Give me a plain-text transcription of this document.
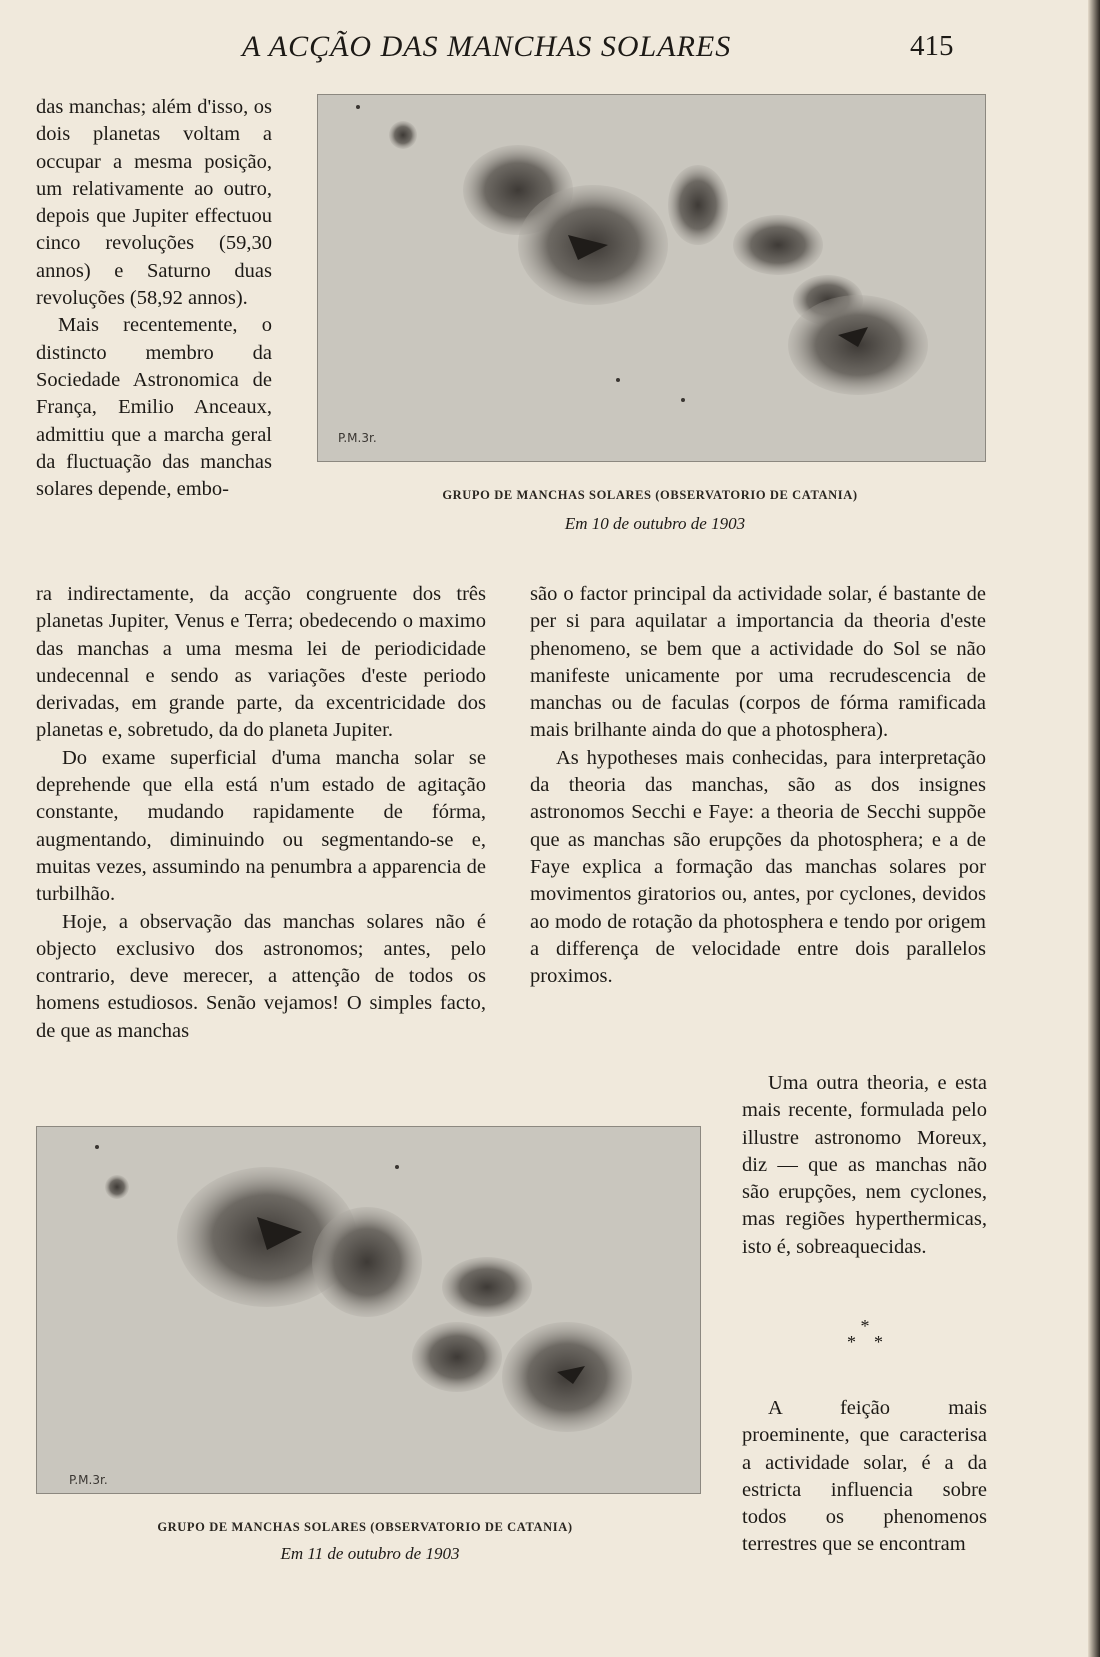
A ACÇÃO DAS MANCHAS SOLARES	415

das manchas; além d'isso, os dois planetas voltam a occupar a mesma posição, um relativamente ao outro, depois que Jupiter effectuou cinco revoluções (59,30 annos) e Saturno duas revoluções (58,92 annos).

Mais recentemente, o distincto membro da Sociedade Astronomica de França, Emilio Anceaux, admittiu que a marcha geral da fluctuação das manchas solares depende, embo-

P.M.3r.
GRUPO DE MANCHAS SOLARES (OBSERVATORIO DE CATANIA)
Em 10 de outubro de 1903

ra indirectamente, da acção congruente dos três planetas Jupiter, Venus e Terra; obedecendo o maximo das manchas a uma mesma lei de periodicidade undecennal e sendo as variações d'este periodo derivadas, em grande parte, da excentricidade dos planetas e, sobretudo, da do planeta Jupiter.

Do exame superficial d'uma mancha solar se deprehende que ella está n'um estado de agitação constante, mudando rapidamente de fórma, augmentando, diminuindo ou segmentando-se e, muitas vezes, assumindo na penumbra a apparencia de turbilhão.

Hoje, a observação das manchas solares não é objecto exclusivo dos astronomos; antes, pelo contrario, deve merecer, a attenção de todos os homens estudiosos. Senão vejamos! O simples facto, de que as manchas

são o factor principal da actividade solar, é bastante de per si para aquilatar a importancia da theoria d'este phenomeno, se bem que a actividade do Sol se não manifeste unicamente por uma recrudescencia de manchas ou de faculas (corpos de fórma ramificada mais brilhante ainda do que a photosphera).

As hypotheses mais conhecidas, para interpretação da theoria das manchas, são as dos insignes astronomos Secchi e Faye: a theoria de Secchi suppõe que as manchas são erupções da photosphera; e a de Faye explica a formação das manchas solares por movimentos giratorios ou, antes, por cyclones, devidos ao modo de rotação da photosphera e tendo por origem a differença de velocidade entre dois parallelos proximos.

Uma outra theoria, e esta mais recente, formulada pelo illustre astronomo Moreux, diz — que as manchas não são erupções, nem cyclones, mas regiões hyperthermicas, isto é, sobreaquecidas.

*
*    *

A feição mais proeminente, que caracterisa a actividade solar, é a da estricta influencia sobre todos os phenomenos terrestres que se encontram

P.M.3r.
GRUPO DE MANCHAS SOLARES (OBSERVATORIO DE CATANIA)
Em 11 de outubro de 1903
